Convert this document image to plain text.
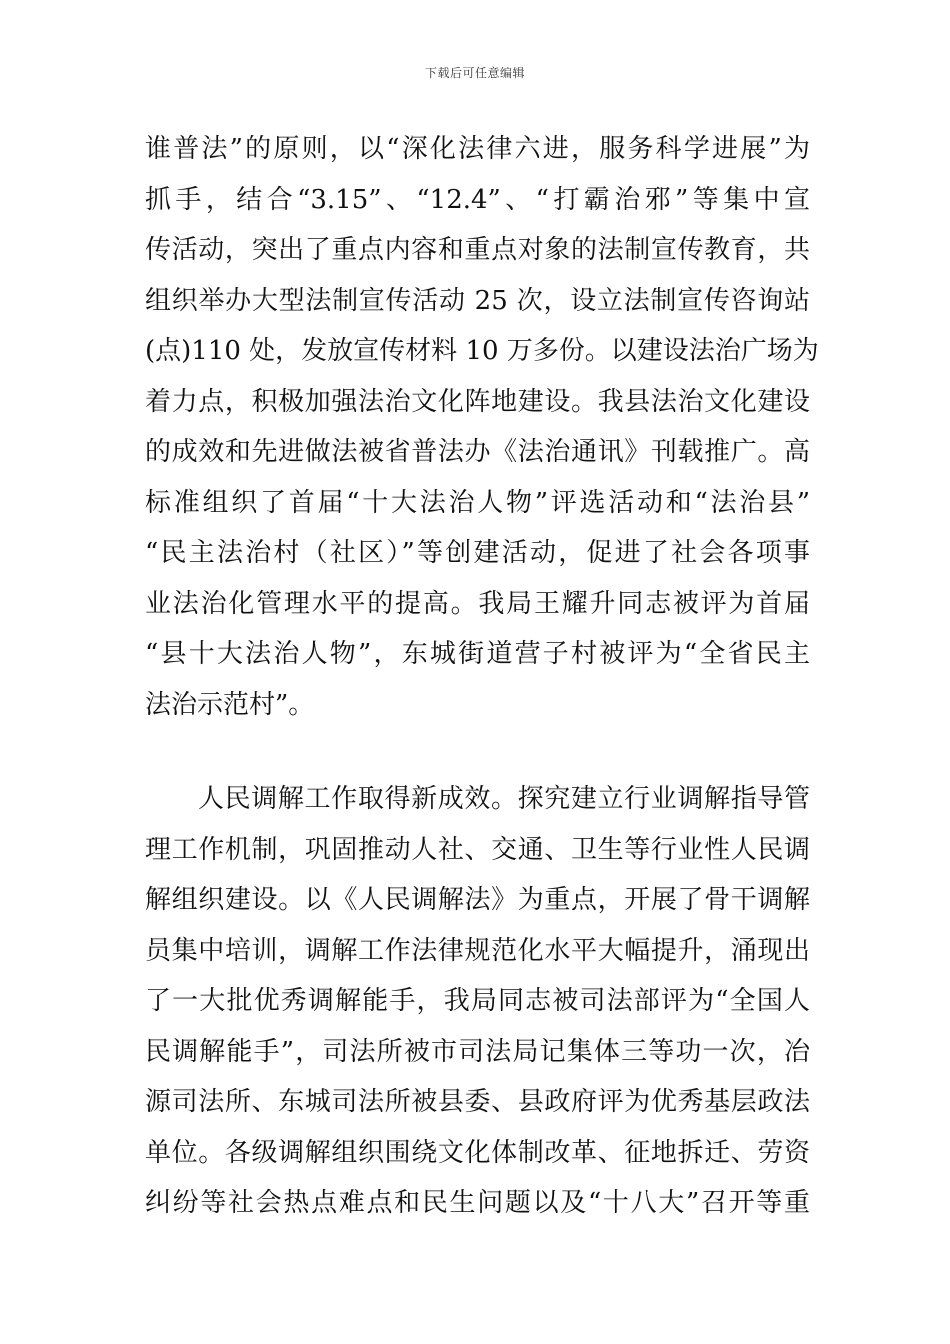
下载后可任意编辑
谁普法”的原则，以“深化法律六进，服务科学进展”为
抓手，结合“3.15”、“12.4”、“打霸治邪”等集中宣
传活动，突出了重点内容和重点对象的法制宣传教育，共
组织举办大型法制宣传活动 25 次，设立法制宣传咨询站
(点)110 处，发放宣传材料 10 万多份。以建设法治广场为
着力点，积极加强法治文化阵地建设。我县法治文化建设
的成效和先进做法被省普法办《法治通讯》刊载推广。高
标准组织了首届“十大法治人物”评选活动和“法治县”
“民主法治村（社区）”等创建活动，促进了社会各项事
业法治化管理水平的提高。我局王耀升同志被评为首届
“县十大法治人物”，东城街道营子村被评为“全省民主
法治示范村”。
人民调解工作取得新成效。探究建立行业调解指导管
理工作机制，巩固推动人社、交通、卫生等行业性人民调
解组织建设。以《人民调解法》为重点，开展了骨干调解
员集中培训，调解工作法律规范化水平大幅提升，涌现出
了一大批优秀调解能手，我局同志被司法部评为“全国人
民调解能手”，司法所被市司法局记集体三等功一次，冶
源司法所、东城司法所被县委、县政府评为优秀基层政法
单位。各级调解组织围绕文化体制改革、征地拆迁、劳资
纠纷等社会热点难点和民生问题以及“十八大”召开等重
